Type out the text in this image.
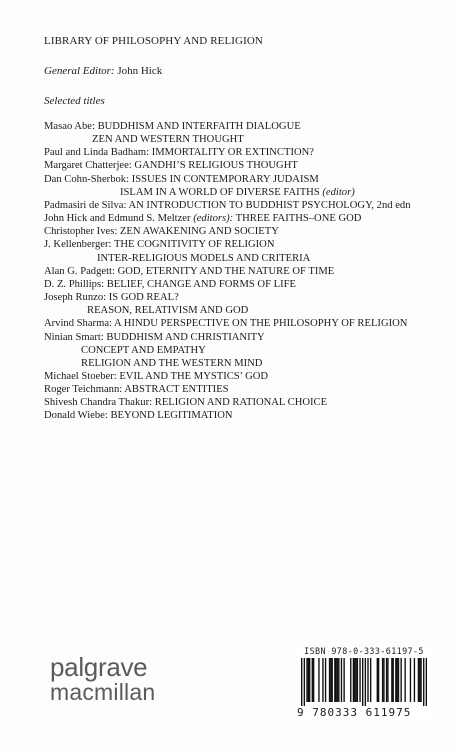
LIBRARY OF PHILOSOPHY AND RELIGION
General Editor: John Hick
Selected titles
Masao Abe: BUDDHISM AND INTERFAITH DIALOGUE
ZEN AND WESTERN THOUGHT
Paul and Linda Badham: IMMORTALITY OR EXTINCTION?
Margaret Chatterjee: GANDHI’S RELIGIOUS THOUGHT
Dan Cohn-Sherbok: ISSUES IN CONTEMPORARY JUDAISM
ISLAM IN A WORLD OF DIVERSE FAITHS (editor)
Padmasiri de Silva: AN INTRODUCTION TO BUDDHIST PSYCHOLOGY, 2nd edn
John Hick and Edmund S. Meltzer (editors): THREE FAITHS–ONE GOD
Christopher Ives: ZEN AWAKENING AND SOCIETY
J. Kellenberger: THE COGNITIVITY OF RELIGION
INTER-RELIGIOUS MODELS AND CRITERIA
Alan G. Padgett: GOD, ETERNITY AND THE NATURE OF TIME
D. Z. Phillips: BELIEF, CHANGE AND FORMS OF LIFE
Joseph Runzo: IS GOD REAL?
REASON, RELATIVISM AND GOD
Arvind Sharma: A HINDU PERSPECTIVE ON THE PHILOSOPHY OF RELIGION
Ninian Smart: BUDDHISM AND CHRISTIANITY
CONCEPT AND EMPATHY
RELIGION AND THE WESTERN MIND
Michael Stoeber: EVIL AND THE MYSTICS’ GOD
Roger Teichmann: ABSTRACT ENTITIES
Shivesh Chandra Thakur: RELIGION AND RATIONAL CHOICE
Donald Wiebe: BEYOND LEGITIMATION
palgrave
macmillan
ISBN 978-0-333-61197-5
9 780333 611975
